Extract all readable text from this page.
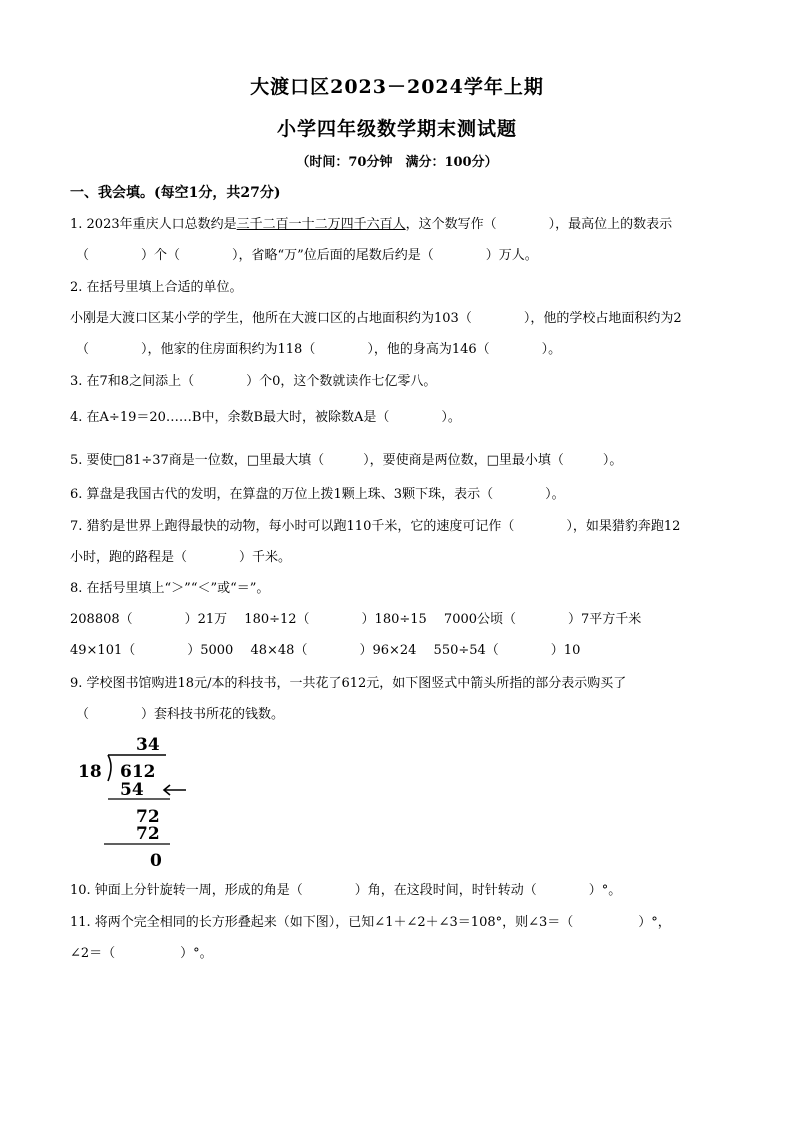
大渡口区2023－2024学年上期
小学四年级数学期末测试题
（时间：70分钟　满分：100分）
一、我会填。(每空1分，共27分)
1. 2023年重庆人口总数约是三千二百一十二万四千六百人，这个数写作（　　　　），最高位上的数表示
（　　　　）个（　　　　），省略“万”位后面的尾数后约是（　　　　）万人。
2. 在括号里填上合适的单位。
小刚是大渡口区某小学的学生，他所在大渡口区的占地面积约为103（　　　　），他的学校占地面积约为2
（　　　　），他家的住房面积约为118（　　　　），他的身高为146（　　　　）。
3. 在7和8之间添上（　　　　）个0，这个数就读作七亿零八。
4. 在A÷19＝20……B中，余数B最大时，被除数A是（　　　　）。
5. 要使□81÷37商是一位数，□里最大填（　　　），要使商是两位数，□里最小填（　　　）。
6. 算盘是我国古代的发明，在算盘的万位上拨1颗上珠、3颗下珠，表示（　　　　）。
7. 猎豹是世界上跑得最快的动物，每小时可以跑110千米，它的速度可记作（　　　　），如果猎豹奔跑12
小时，跑的路程是（　　　　）千米。
8. 在括号里填上“＞”“＜”或“＝”。
208808（　　　　）21万　 180÷12（　　　　）180÷15　 7000公顷（　　　　）7平方千米
49×101（　　　　）5000　 48×48（　　　　）96×24　 550÷54（　　　　）10
9. 学校图书馆购进18元/本的科技书，一共花了612元，如下图竖式中箭头所指的部分表示购买了
（　　　　）套科技书所花的钱数。
34
18 612
54
72
72
0
10. 钟面上分针旋转一周，形成的角是（　　　　）角，在这段时间，时针转动（　　　　）°。
11. 将两个完全相同的长方形叠起来（如下图），已知∠1＋∠2＋∠3＝108°，则∠3＝（　　　　　）°，
∠2＝（　　　　　）°。
